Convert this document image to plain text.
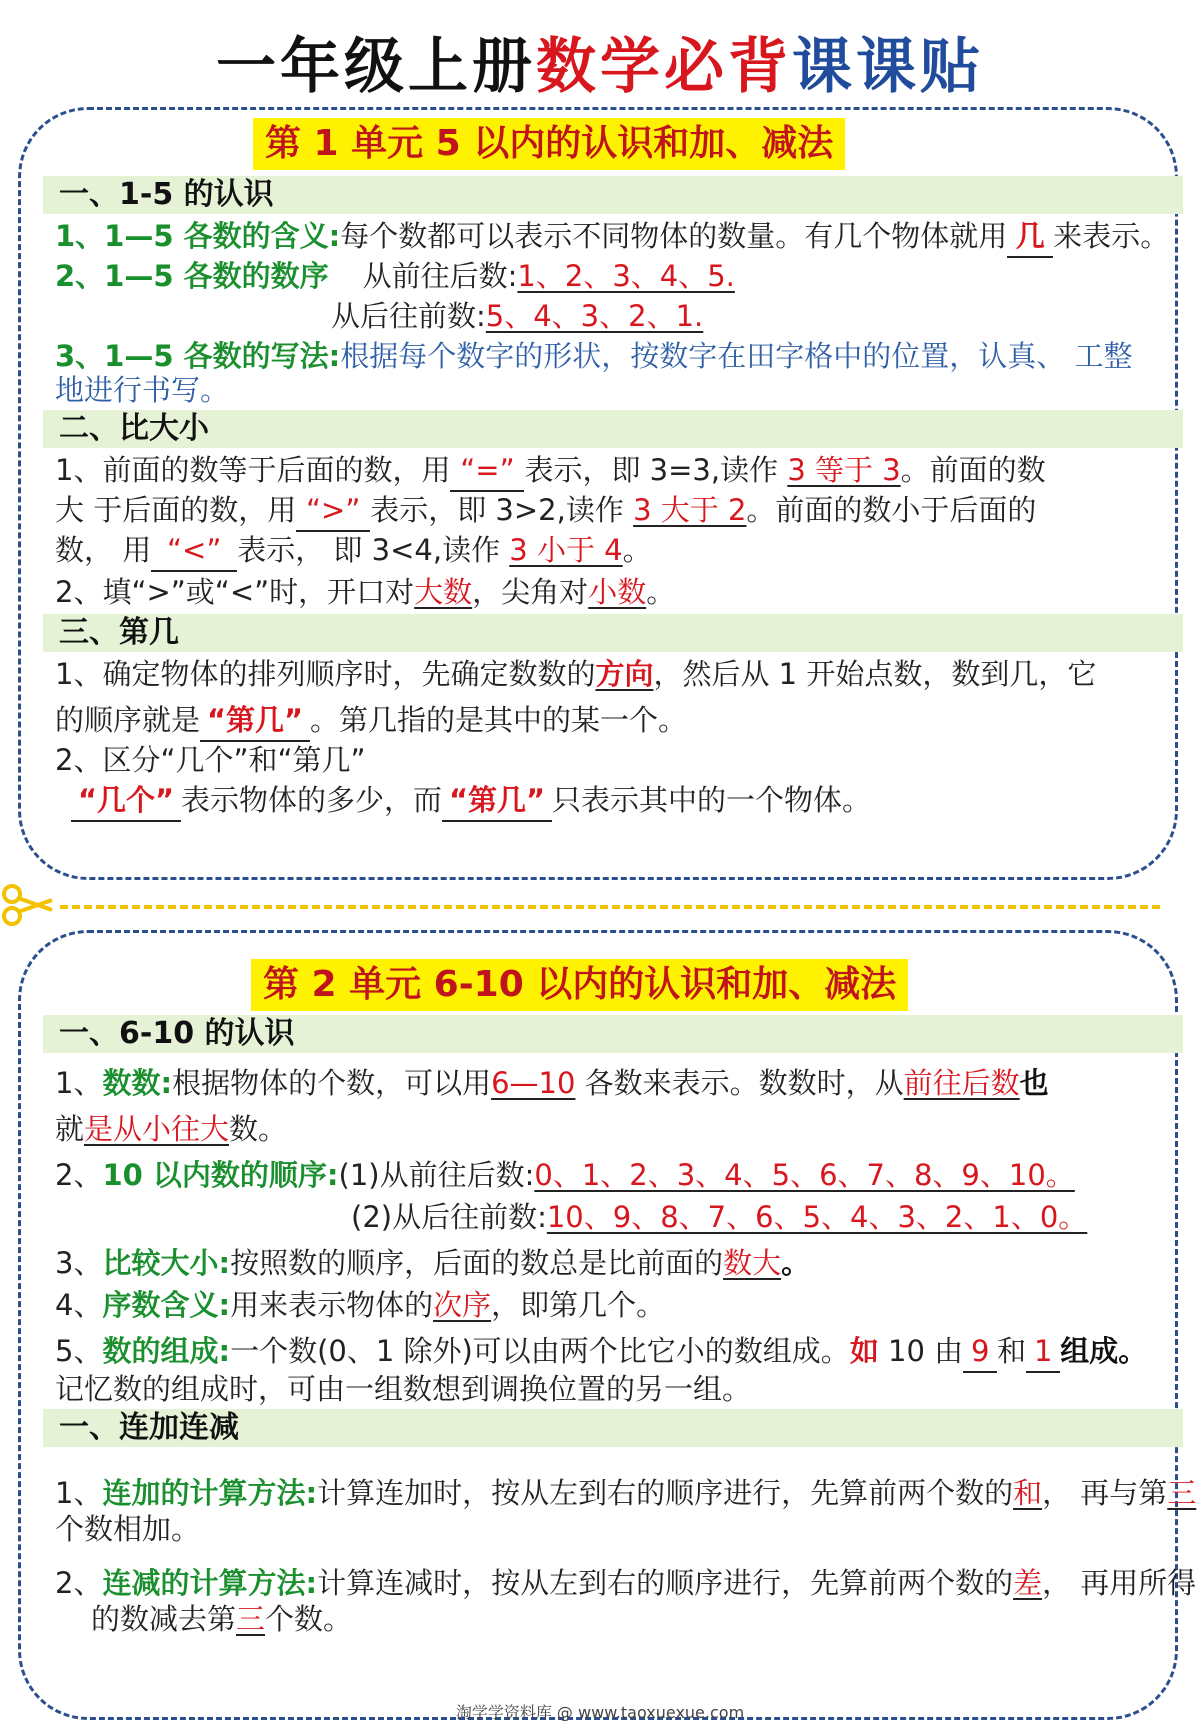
一年级上册数学必背课课贴
第 1 单元 5 以内的认识和加、减法
一、1-5 的认识
1、1—5 各数的含义:每个数都可以表示不同物体的数量。有几个物体就用 几 来表示。
2、1—5 各数的数序 从前往后数:1、2、3、4、5.
从后往前数:5、4、3、2、1.
3、1—5 各数的写法:根据每个数字的形状，按数字在田字格中的位置，认真、 工整
地进行书写。
二、比大小
1、前面的数等于后面的数，用 “=” 表示，即 3=3,读作 3 等于 3。前面的数
大 于后面的数，用 “>” 表示，即 3>2,读作 3 大于 2。前面的数小于后面的
数， 用 “<” 表示， 即 3<4,读作 3 小于 4。
2、填“>”或“<”时，开口对大数，尖角对小数。
三、第几
1、确定物体的排列顺序时，先确定数数的方向，然后从 1 开始点数，数到几，它
的顺序就是 “第几” 。第几指的是其中的某一个。
2、区分“几个”和“第几”
“几个” 表示物体的多少，而 “第几” 只表示其中的一个物体。
第 2 单元 6-10 以内的认识和加、减法
一、6-10 的认识
1、数数:根据物体的个数，可以用6—10 各数来表示。数数时，从前往后数也
就是从小往大数。
2、10 以内数的顺序:(1)从前往后数:0、1、2、3、4、5、6、7、8、9、10。
(2)从后往前数:10、9、8、7、6、5、4、3、2、1、0。
3、比较大小:按照数的顺序，后面的数总是比前面的数大。
4、序数含义:用来表示物体的次序，即第几个。
5、数的组成:一个数(0、1 除外)可以由两个比它小的数组成。如 10 由 9 和 1 组成。
记忆数的组成时，可由一组数想到调换位置的另一组。
一、连加连减
1、连加的计算方法:计算连加时，按从左到右的顺序进行，先算前两个数的和， 再与第三
个数相加。
2、连减的计算方法:计算连减时，按从左到右的顺序进行，先算前两个数的差， 再用所得
的数减去第三个数。
淘学学资料库 @ www.taoxuexue.com
